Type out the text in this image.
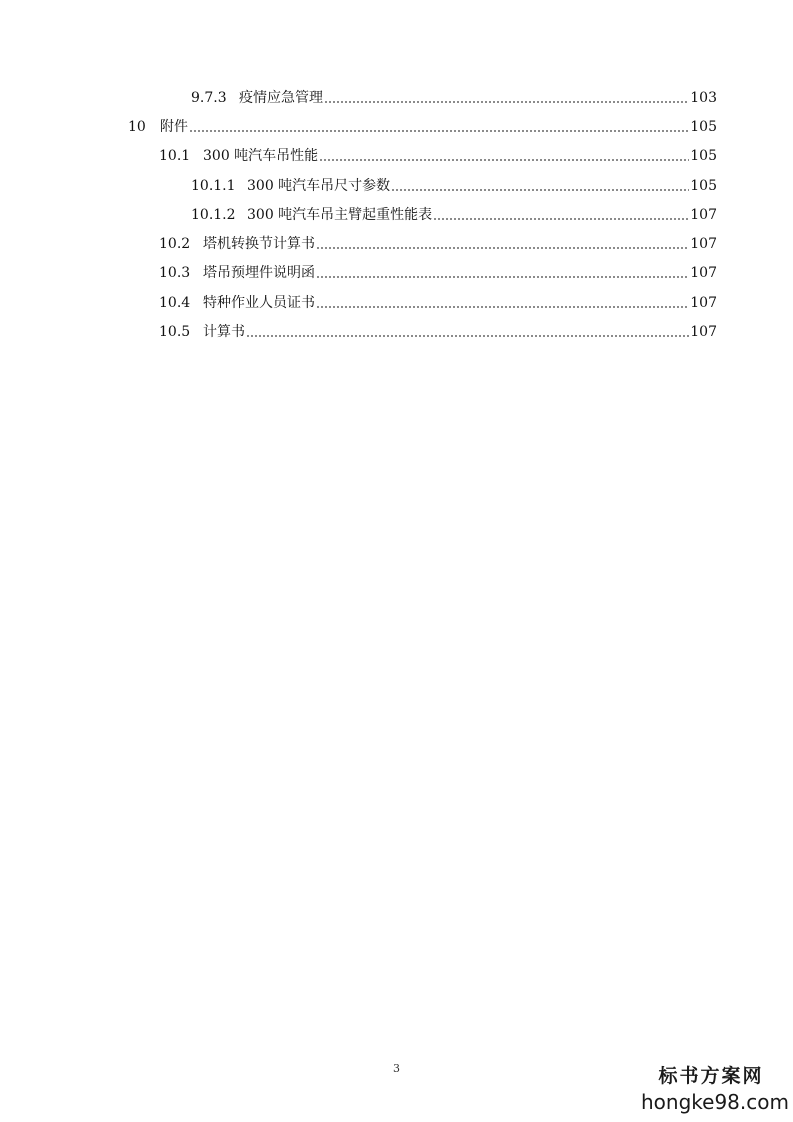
9.7.3 疫情应急管理	103
10	附件	105
10.1 300 吨汽车吊性能	105
10.1.1 300 吨汽车吊尺寸参数	105
10.1.2 300 吨汽车吊主臂起重性能表	107
10.2 塔机转换节计算书	107
10.3 塔吊预埋件说明函	107
10.4 特种作业人员证书	107
10.5 计算书	107
3	标书方案网
hongke98.com
